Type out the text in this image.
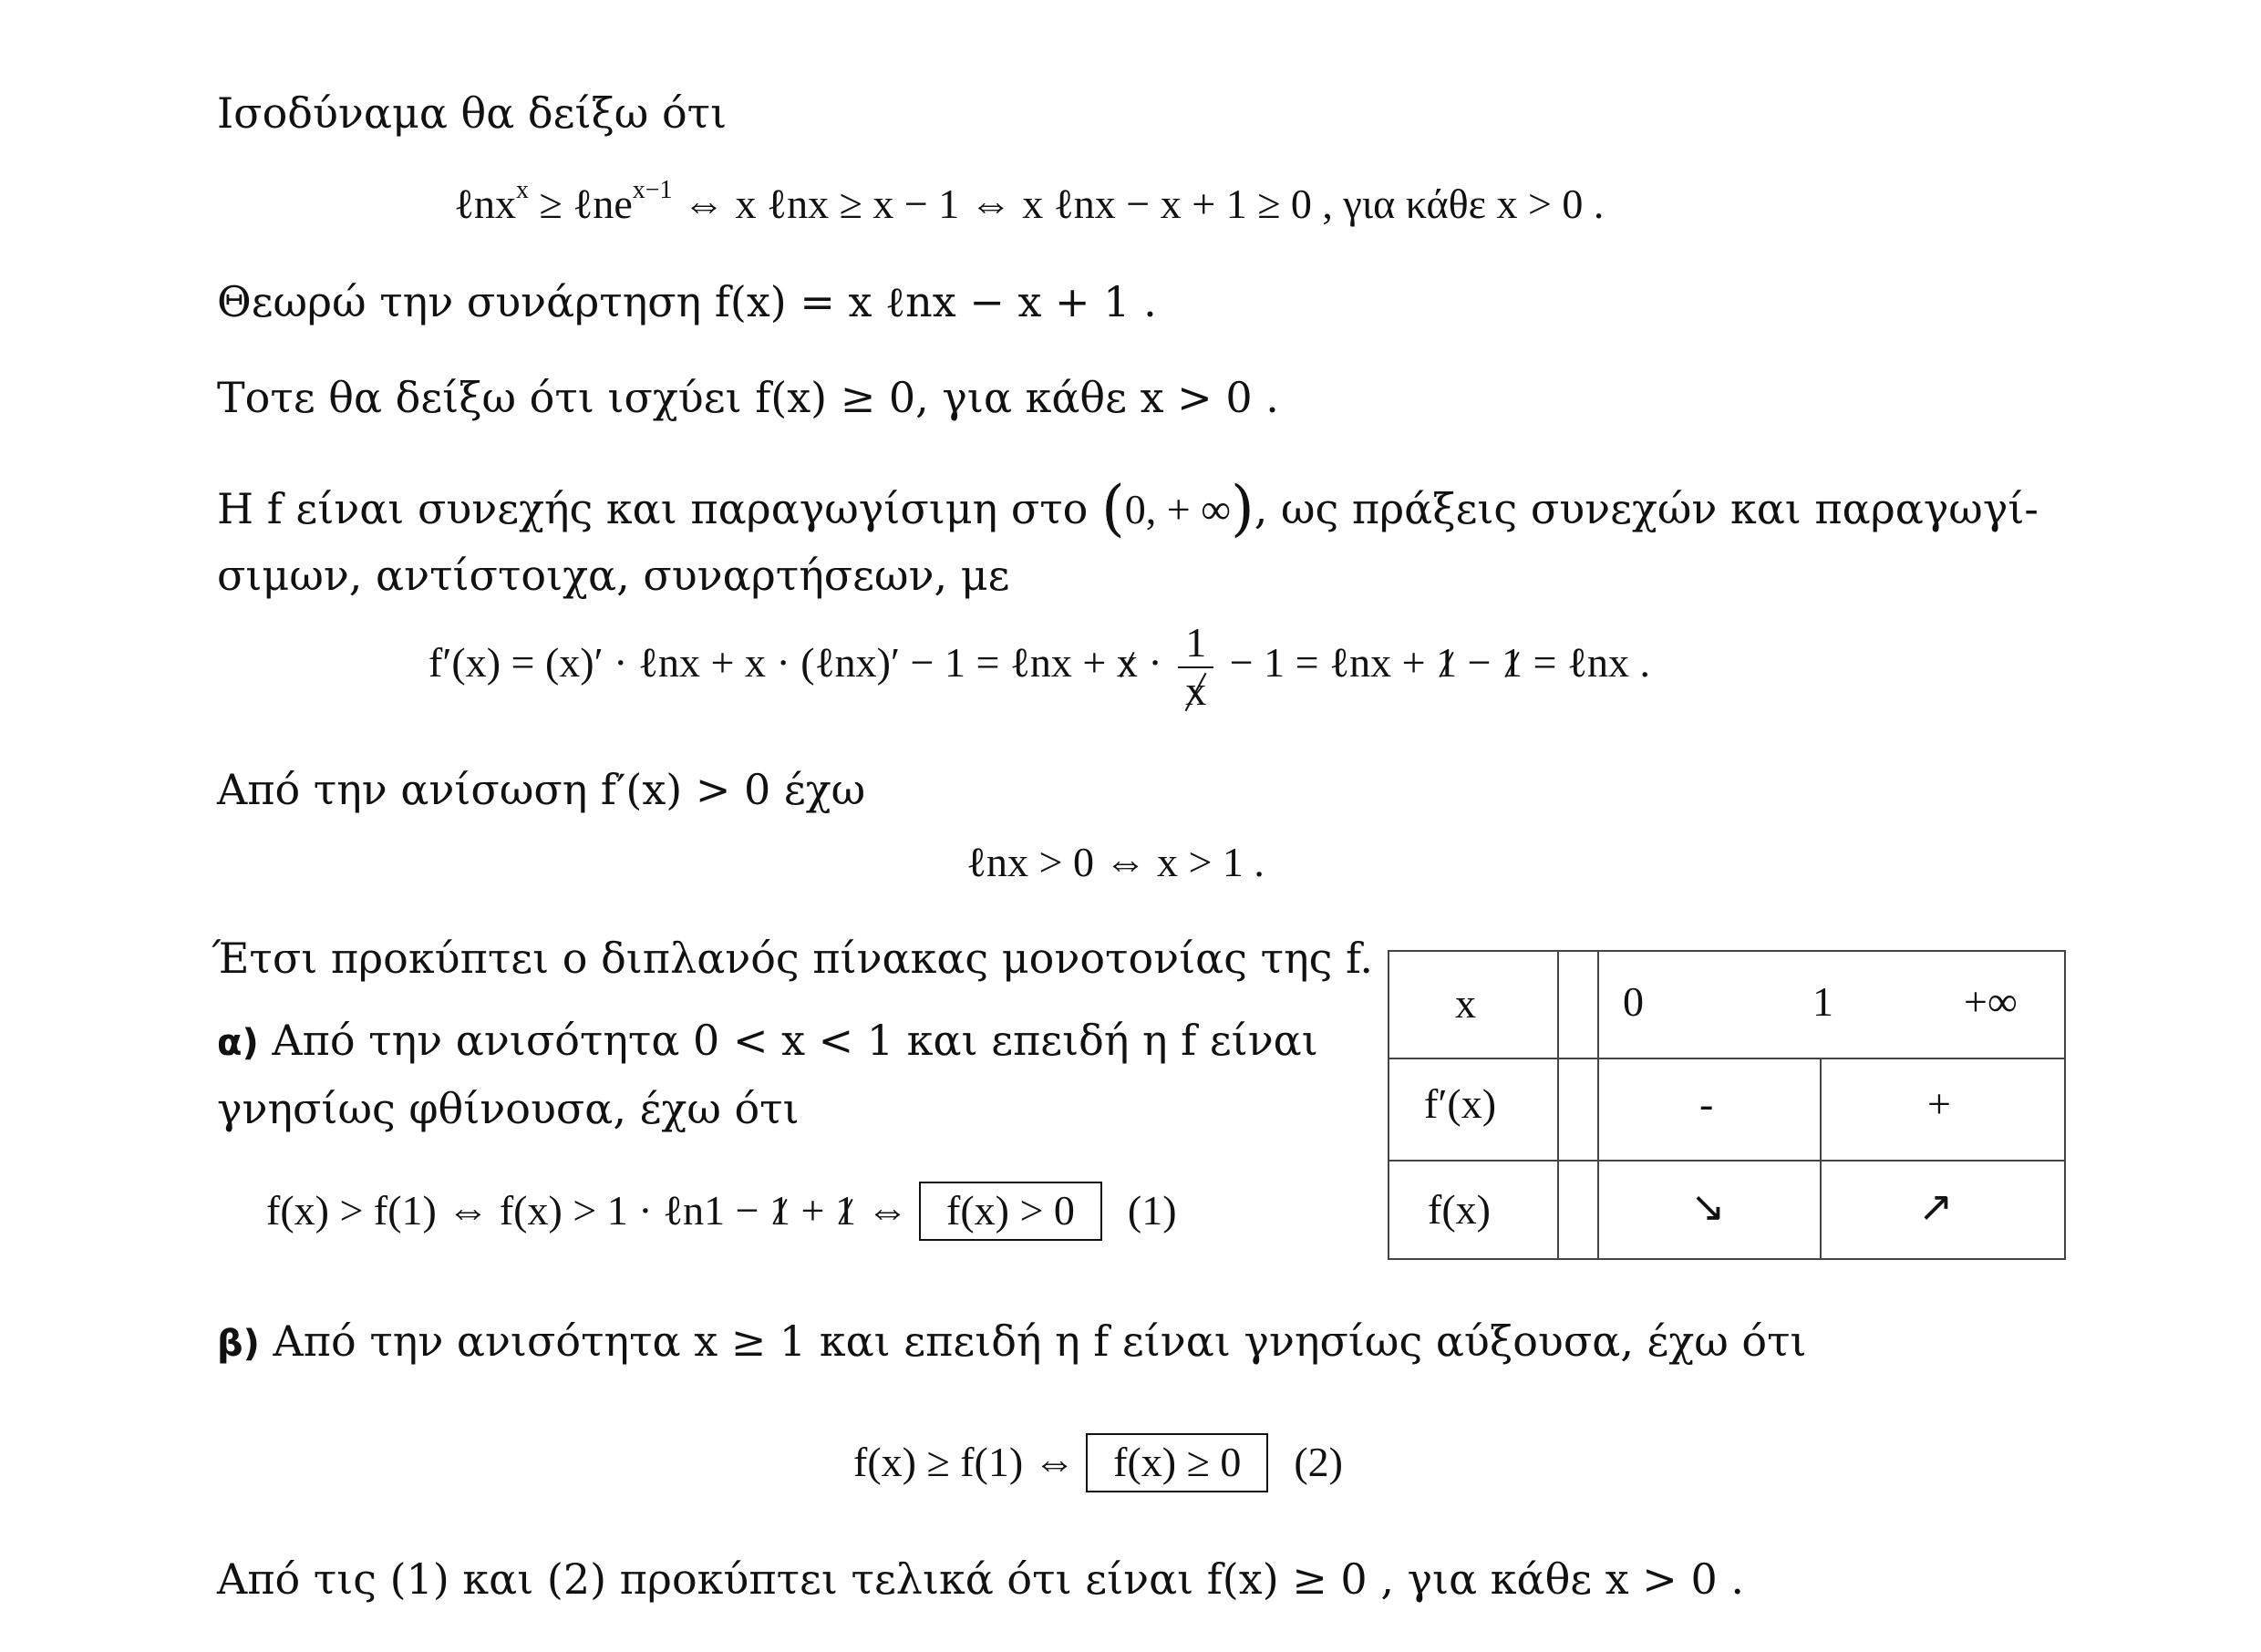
Ισοδύναμα θα δείξω ότι
ℓnx$^x$ ≥ ℓne$^{x-1}$ ⇔ x ℓnx ≥ x − 1 ⇔ x ℓnx − x + 1 ≥ 0 , για κάθε x > 0 .
Θεωρώ την συνάρτηση f(x) = x ℓnx − x + 1 .
Τοτε θα δείξω ότι ισχύει f(x) ≥ 0, για κάθε x > 0 .
Η f είναι συνεχής και παραγωγίσιμη στο (0, + ∞), ως πράξεις συνεχών και παραγωγί-
σιμων, αντίστοιχα, συναρτήσεων, με
f′(x) = (x)′ · ℓnx + x · (ℓnx)′ − 1 = ℓnx + $x \cdot \frac{1}{x} - 1$ = ℓnx + 1 − 1 = ℓnx .
Από την ανίσωση f′(x) > 0 έχω
ℓnx > 0 ⇔ x > 1 .
Έτσι προκύπτει ο διπλανός πίνακας μονοτονίας της f.
α) Από την ανισότητα 0 < x < 1 και επειδή η f είναι
γνησίως φθίνουσα, έχω ότι
f(x) > f(1) ⇔ f(x) > 1 · ℓn1 − 1 + 1 ⇔ f(x) > 0 (1)
x	0	1	+∞
f′(x)	-	+
f(x)	↘	↗
β) Από την ανισότητα x ≥ 1 και επειδή η f είναι γνησίως αύξουσα, έχω ότι
f(x) ≥ f(1) ⇔ f(x) ≥ 0 (2)
Από τις (1) και (2) προκύπτει τελικά ότι είναι f(x) ≥ 0 , για κάθε x > 0 .
